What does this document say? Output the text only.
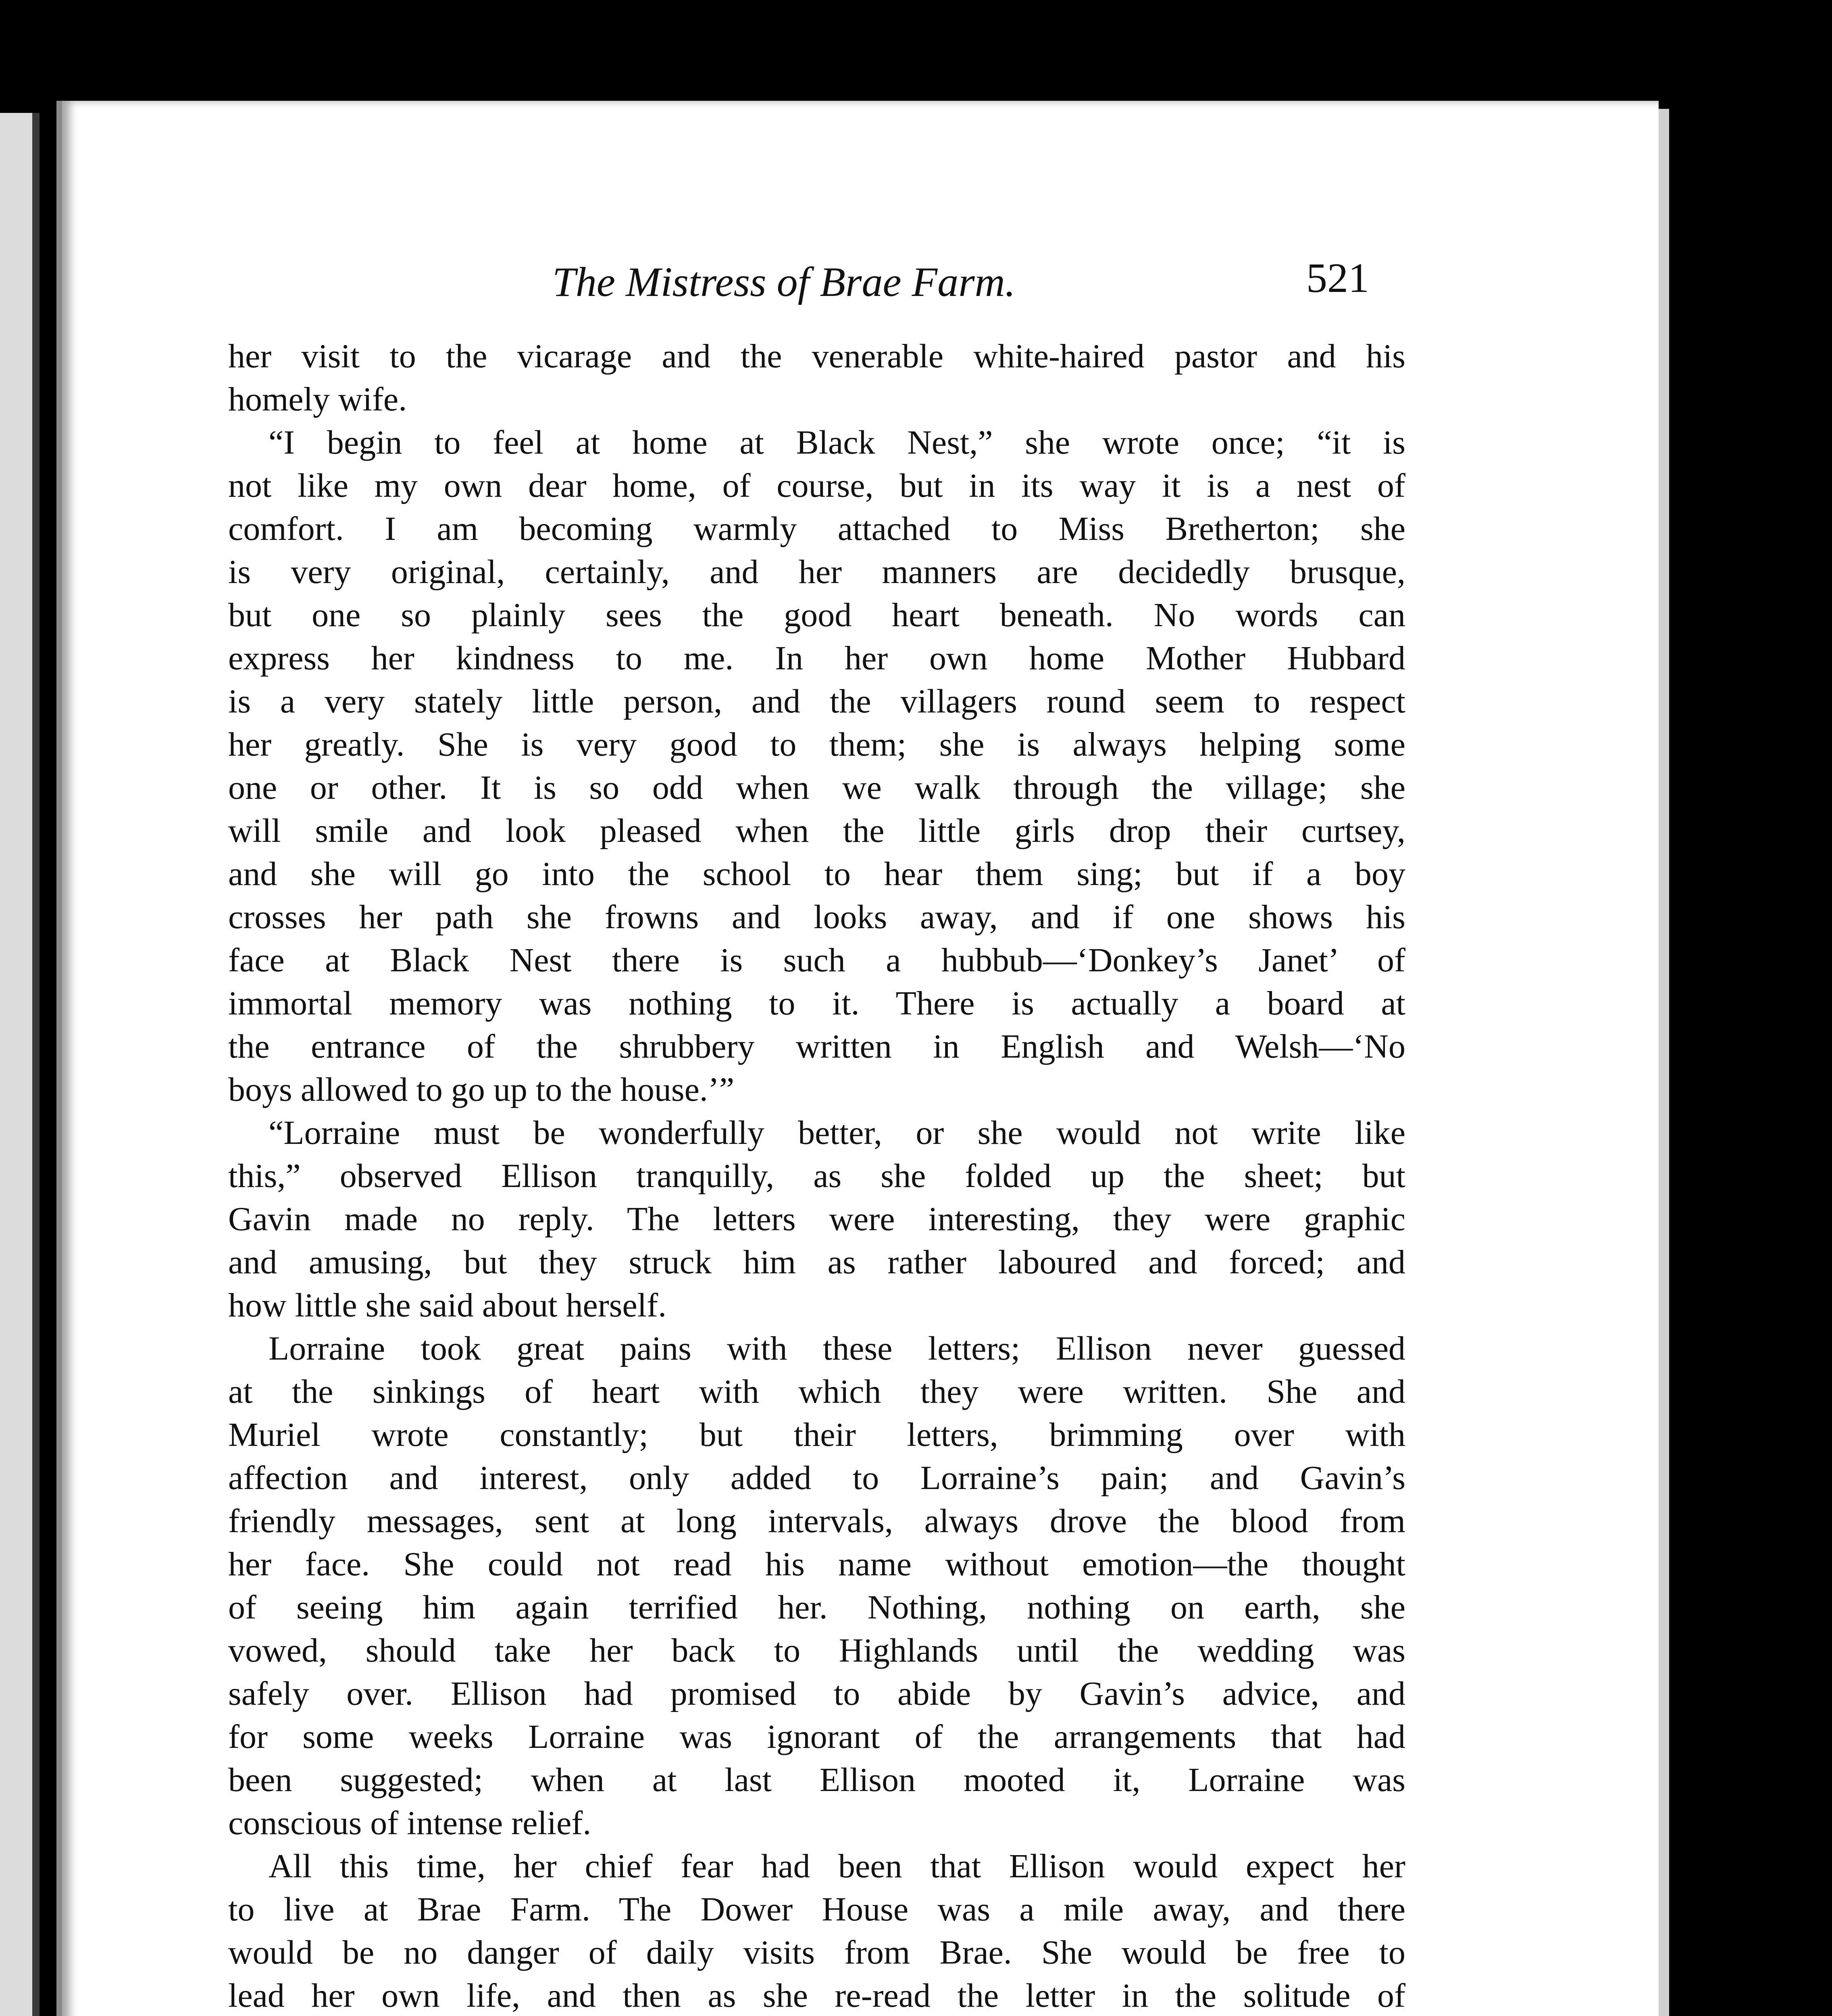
The Mistress of Brae Farm.	521
her visit to the vicarage and the venerable white-haired pastor and his
homely wife.
“I begin to feel at home at Black Nest,” she wrote once; “it is
not like my own dear home, of course, but in its way it is a nest of
comfort. I am becoming warmly attached to Miss Bretherton; she
is very original, certainly, and her manners are decidedly brusque,
but one so plainly sees the good heart beneath. No words can
express her kindness to me. In her own home Mother Hubbard
is a very stately little person, and the villagers round seem to respect
her greatly. She is very good to them; she is always helping some
one or other. It is so odd when we walk through the village; she
will smile and look pleased when the little girls drop their curtsey,
and she will go into the school to hear them sing; but if a boy
crosses her path she frowns and looks away, and if one shows his
face at Black Nest there is such a hubbub—‘Donkey’s Janet’ of
immortal memory was nothing to it. There is actually a board at
the entrance of the shrubbery written in English and Welsh—‘No
boys allowed to go up to the house.’”
“Lorraine must be wonderfully better, or she would not write like
this,” observed Ellison tranquilly, as she folded up the sheet; but
Gavin made no reply. The letters were interesting, they were graphic
and amusing, but they struck him as rather laboured and forced; and
how little she said about herself.
Lorraine took great pains with these letters; Ellison never guessed
at the sinkings of heart with which they were written. She and
Muriel wrote constantly; but their letters, brimming over with
affection and interest, only added to Lorraine’s pain; and Gavin’s
friendly messages, sent at long intervals, always drove the blood from
her face. She could not read his name without emotion—the thought
of seeing him again terrified her. Nothing, nothing on earth, she
vowed, should take her back to Highlands until the wedding was
safely over. Ellison had promised to abide by Gavin’s advice, and
for some weeks Lorraine was ignorant of the arrangements that had
been suggested; when at last Ellison mooted it, Lorraine was
conscious of intense relief.
All this time, her chief fear had been that Ellison would expect her
to live at Brae Farm. The Dower House was a mile away, and there
would be no danger of daily visits from Brae. She would be free to
lead her own life, and then as she re-read the letter in the solitude of
